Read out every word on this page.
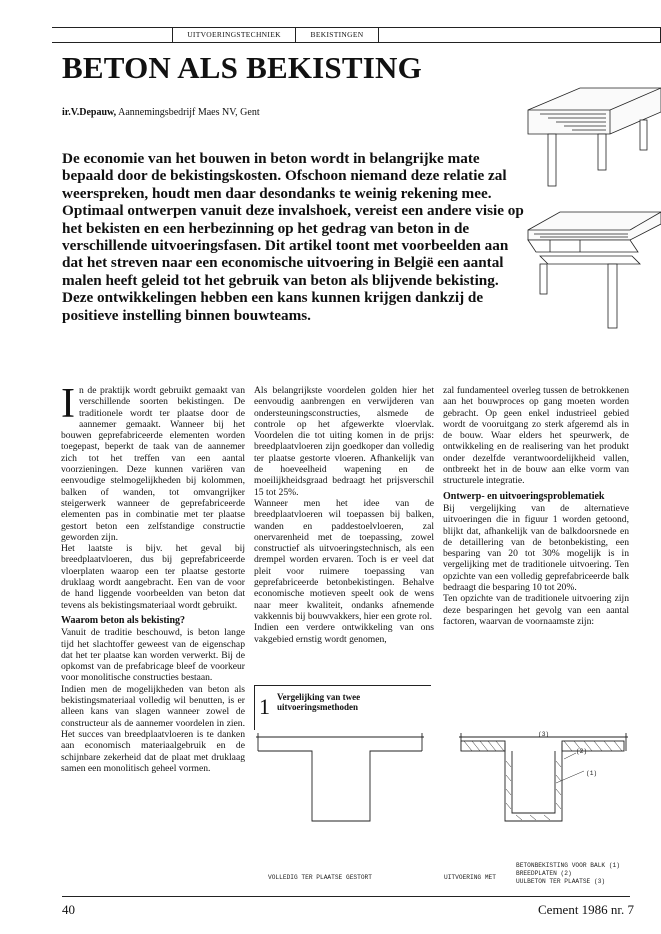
UITVOERINGSTECHNIEK	BEKISTINGEN
BETON ALS BEKISTING
ir.V.Depauw, Aannemingsbedrijf Maes NV, Gent

De economie van het bouwen in beton wordt in belangrijke mate bepaald door de bekistingskosten. Ofschoon niemand deze relatie zal weerspreken, houdt men daar desondanks te weinig rekening mee.

Optimaal ontwerpen vanuit deze invalshoek, vereist een andere visie op het bekisten en een herbezinning op het gedrag van beton in de verschillende uitvoeringsfasen. Dit artikel toont met voorbeelden aan dat het streven naar een economische uitvoering in België een aantal malen heeft geleid tot het gebruik van beton als blijvende bekisting. Deze ontwikkelingen hebben een kans kunnen krijgen dankzij de positieve instelling binnen bouwteams.

In de praktijk wordt gebruikt gemaakt van verschillende soorten bekistingen. De traditionele wordt ter plaatse door de aannemer gemaakt. Wanneer bij het bouwen geprefabriceerde elementen worden toegepast, beperkt de taak van de aannemer zich tot het treffen van een aantal voorzieningen. Deze kunnen variëren van eenvoudige stelmogelijkheden bij kolommen, balken of wanden, tot omvangrijker steigerwerk wanneer de geprefabriceerde elementen pas in combinatie met ter plaatse gestort beton een zelfstandige constructie geworden zijn.

Het laatste is bijv. het geval bij breedplaatvloeren, dus bij geprefabriceerde vloerplaten waarop een ter plaatse gestorte druklaag wordt aangebracht. Een van de voor de hand liggende voorbeelden van beton dat tevens als bekistingsmateriaal wordt gebruikt.

Waarom beton als bekisting?

Vanuit de traditie beschouwd, is beton lange tijd het slachtoffer geweest van de eigenschap dat het ter plaatse kan worden verwerkt. Bij de opkomst van de prefabricage bleef de voorkeur voor monolitische constructies bestaan.

Indien men de mogelijkheden van beton als bekistingsmateriaal volledig wil benutten, is er alleen kans van slagen wanneer zowel de constructeur als de aannemer voordelen in zien. Het succes van breedplaatvloeren is te danken aan economisch materiaalgebruik en de schijnbare zekerheid dat de plaat met druklaag samen een monolitisch geheel vormen.

Als belangrijkste voordelen golden hier het eenvoudig aanbrengen en verwijderen van ondersteuningsconstructies, alsmede de controle op het afgewerkte vloervlak. Voordelen die tot uiting komen in de prijs: breedplaatvloeren zijn goedkoper dan volledig ter plaatse gestorte vloeren. Afhankelijk van de hoeveelheid wapening en de moeilijkheidsgraad bedraagt het prijsverschil 15 tot 25%.

Wanneer men het idee van de breedplaatvloeren wil toepassen bij balken, wanden en paddestoelvloeren, zal onervarenheid met de toepassing, zowel constructief als uitvoeringstechnisch, als een drempel worden ervaren. Toch is er veel dat pleit voor ruimere toepassing van geprefabriceerde betonbekistingen. Behalve economische motieven speelt ook de wens naar meer kwaliteit, ondanks afnemende vakkennis bij bouwvakkers, hier een grote rol.

Indien een verdere ontwikkeling van ons vakgebied ernstig wordt genomen,

zal fundamenteel overleg tussen de betrokkenen aan het bouwproces op gang moeten worden gebracht. Op geen enkel industrieel gebied wordt de vooruitgang zo sterk afgeremd als in de bouw. Waar elders het speurwerk, de ontwikkeling en de realisering van het produkt onder dezelfde verantwoordelijkheid vallen, ontbreekt het in de bouw aan elke vorm van structurele integratie.

Ontwerp- en uitvoeringsproblematiek

Bij vergelijking van de alternatieve uitvoeringen die in figuur 1 worden getoond, blijkt dat, afhankelijk van de balkdoorsnede en de detaillering van de betonbekisting, een besparing van 20 tot 30% mogelijk is in vergelijking met de traditionele uitvoering. Ten opzichte van een volledig geprefabriceerde balk bedraagt die besparing 10 tot 20%.

Ten opzichte van de traditionele uitvoering zijn deze besparingen het gevolg van een aantal factoren, waarvan de voornaamste zijn:

1 Vergelijking van twee uitvoeringsmethoden
(3)
(2)
(1)
VOLLEDIG TER PLAATSE GESTORT	UITVOERING MET
BETONBEKISTING VOOR BALK (1)
BREEDPLATEN (2)
UULBETON TER PLAATSE (3)
40	Cement 1986 nr. 7
